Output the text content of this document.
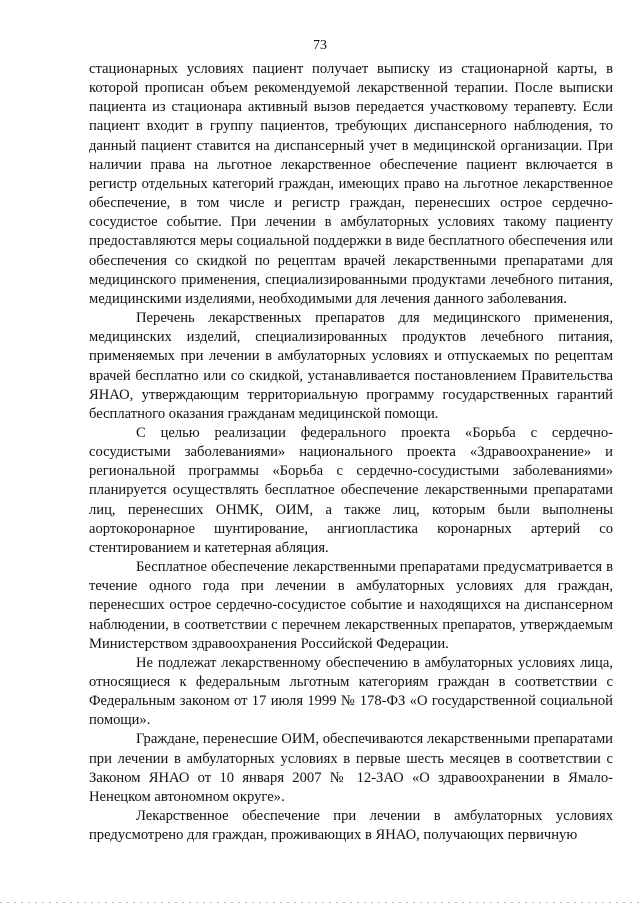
73

стационарных условиях пациент получает выписку из стационарной карты, в которой прописан объем рекомендуемой лекарственной терапии. После выписки пациента из стационара активный вызов передается участковому терапевту. Если пациент входит в группу пациентов, требующих диспансерного наблюдения, то данный пациент ставится на диспансерный учет в медицинской организации. При наличии права на льготное лекарственное обеспечение пациент включается в регистр отдельных категорий граждан, имеющих право на льготное лекарственное обеспечение, в том числе и регистр граждан, перенесших острое сердечно-сосудистое событие. При лечении в амбулаторных условиях такому пациенту предоставляются меры социальной поддержки в виде бесплатного обеспечения или обеспечения со скидкой по рецептам врачей лекарственными препаратами для медицинского применения, специализированными продуктами лечебного питания, медицинскими изделиями, необходимыми для лечения данного заболевания.

Перечень лекарственных препаратов для медицинского применения, медицинских изделий, специализированных продуктов лечебного питания, применяемых при лечении в амбулаторных условиях и отпускаемых по рецептам врачей бесплатно или со скидкой, устанавливается постановлением Правительства ЯНАО, утверждающим территориальную программу государственных гарантий бесплатного оказания гражданам медицинской помощи.

С целью реализации федерального проекта «Борьба с сердечно-сосудистыми заболеваниями» национального проекта «Здравоохранение» и региональной программы «Борьба с сердечно-сосудистыми заболеваниями» планируется осуществлять бесплатное обеспечение лекарственными препаратами лиц, перенесших ОНМК, ОИМ, а также лиц, которым были выполнены аортокоронарное шунтирование, ангиопластика коронарных артерий со стентированием и катетерная абляция.

Бесплатное обеспечение лекарственными препаратами предусматривается в течение одного года при лечении в амбулаторных условиях для граждан, перенесших острое сердечно-сосудистое событие и находящихся на диспансерном наблюдении, в соответствии с перечнем лекарственных препаратов, утверждаемым Министерством здравоохранения Российской Федерации.

Не подлежат лекарственному обеспечению в амбулаторных условиях лица, относящиеся к федеральным льготным категориям граждан в соответствии с Федеральным законом от 17 июля 1999 № 178-ФЗ «О государственной социальной помощи».

Граждане, перенесшие ОИМ, обеспечиваются лекарственными препаратами при лечении в амбулаторных условиях в первые шесть месяцев в соответствии с Законом ЯНАО от 10 января 2007 № 12-ЗАО «О здравоохранении в Ямало-Ненецком автономном округе».

Лекарственное обеспечение при лечении в амбулаторных условиях предусмотрено для граждан, проживающих в ЯНАО, получающих первичную
